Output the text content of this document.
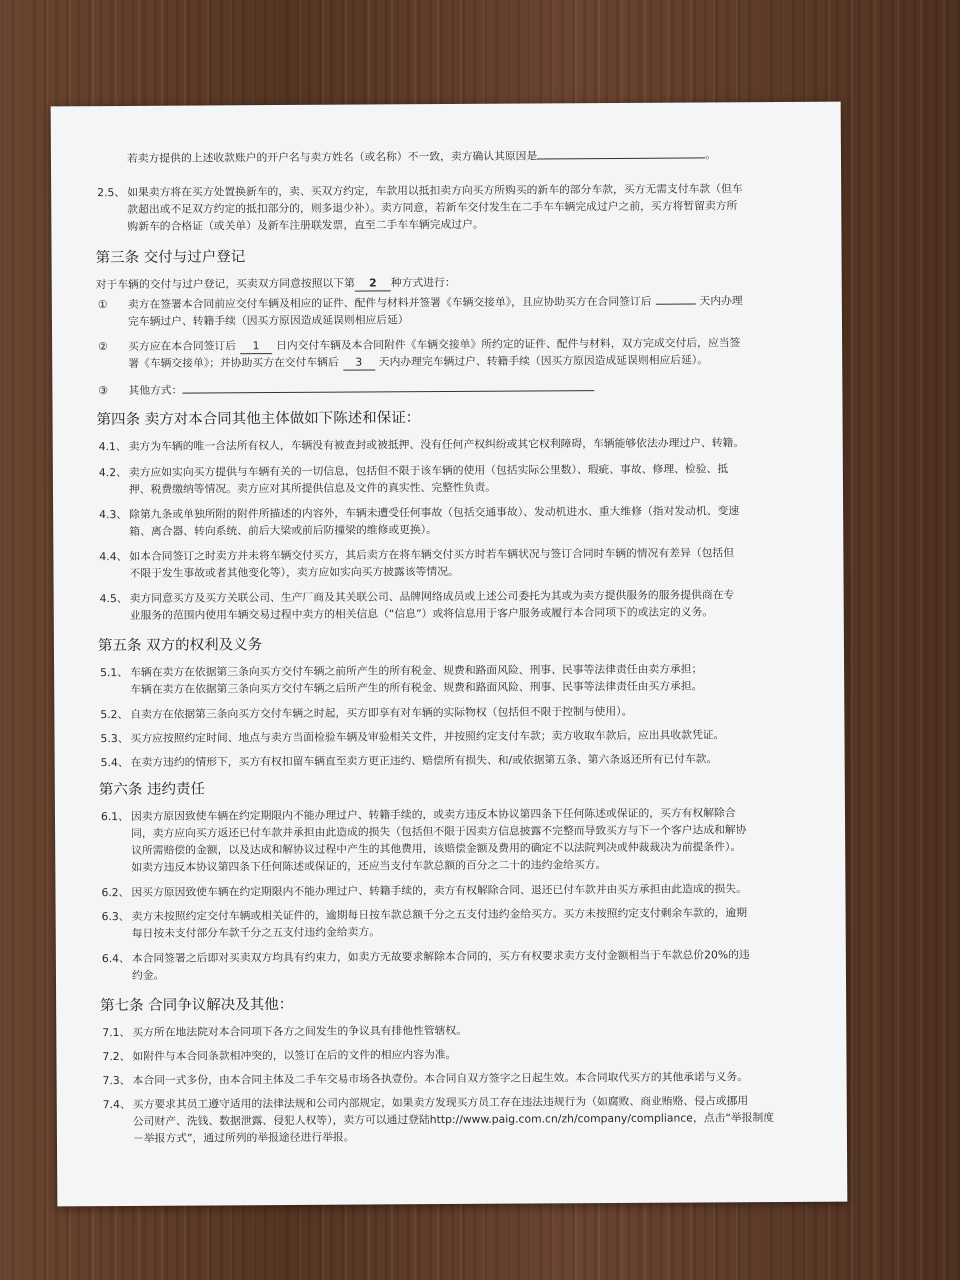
若卖方提供的上述收款账户的开户名与卖方姓名（或名称）不一致，卖方确认其原因是	。
2.5、 如果卖方将在买方处置换新车的，卖、买双方约定，车款用以抵扣卖方向买方所购买的新车的部分车款，买方无需支付车款（但车
款超出或不足双方约定的抵扣部分的，则多退少补）。卖方同意，若新车交付发生在二手车车辆完成过户之前，买方将暂留卖方所
购新车的合格证（或关单）及新车注册联发票，直至二手车车辆完成过户。
第三条 交付与过户登记
对于车辆的交付与过户登记，买卖双方同意按照以下第 2 种方式进行：
① 卖方在签署本合同前应交付车辆及相应的证件、配件与材料并签署《车辆交接单》，且应协助买方在合同签订后	天内办理
完车辆过户、转籍手续（因买方原因造成延误则相应后延）
② 买方应在本合同签订后 1 日内交付车辆及本合同附件《车辆交接单》所约定的证件、配件与材料，双方完成交付后，应当签
署《车辆交接单》；并协助买方在交付车辆后 3 天内办理完车辆过户、转籍手续（因买方原因造成延误则相应后延）。
③ 其他方式：
第四条 卖方对本合同其他主体做如下陈述和保证：
4.1、 卖方为车辆的唯一合法所有权人，车辆没有被查封或被抵押、没有任何产权纠纷或其它权利障碍，车辆能够依法办理过户、转籍。
4.2、 卖方应如实向买方提供与车辆有关的一切信息，包括但不限于该车辆的使用（包括实际公里数）、瑕疵、事故、修理、检验、抵
押、税费缴纳等情况。卖方应对其所提供信息及文件的真实性、完整性负责。
4.3、 除第九条或单独所附的附件所描述的内容外，车辆未遭受任何事故（包括交通事故）、发动机进水、重大维修（指对发动机、变速
箱、离合器、转向系统、前后大梁或前后防撞梁的维修或更换）。
4.4、 如本合同签订之时卖方并未将车辆交付买方，其后卖方在将车辆交付买方时若车辆状况与签订合同时车辆的情况有差异（包括但
不限于发生事故或者其他变化等），卖方应如实向买方披露该等情况。
4.5、 卖方同意买方及买方关联公司、生产厂商及其关联公司、品牌网络成员或上述公司委托为其或为卖方提供服务的服务提供商在专
业服务的范围内使用车辆交易过程中卖方的相关信息（“信息”）或将信息用于客户服务或履行本合同项下的或法定的义务。
第五条 双方的权利及义务
5.1、 车辆在卖方在依据第三条向买方交付车辆之前所产生的所有税金、规费和路面风险、刑事、民事等法律责任由卖方承担；
车辆在卖方在依据第三条向买方交付车辆之后所产生的所有税金、规费和路面风险、刑事、民事等法律责任由买方承担。
5.2、 自卖方在依据第三条向买方交付车辆之时起，买方即享有对车辆的实际物权（包括但不限于控制与使用）。
5.3、 买方应按照约定时间、地点与卖方当面检验车辆及审验相关文件，并按照约定支付车款；卖方收取车款后，应出具收款凭证。
5.4、 在卖方违约的情形下，买方有权扣留车辆直至卖方更正违约、赔偿所有损失、和/或依据第五条、第六条返还所有已付车款。
第六条 违约责任
6.1、 因卖方原因致使车辆在约定期限内不能办理过户、转籍手续的，或卖方违反本协议第四条下任何陈述或保证的，买方有权解除合
同，卖方应向买方返还已付车款并承担由此造成的损失（包括但不限于因卖方信息披露不完整而导致买方与下一个客户达成和解协
议所需赔偿的金额，以及达成和解协议过程中产生的其他费用，该赔偿金额及费用的确定不以法院判决或仲裁裁决为前提条件）。
如卖方违反本协议第四条下任何陈述或保证的，还应当支付车款总额的百分之二十的违约金给买方。
6.2、 因买方原因致使车辆在约定期限内不能办理过户、转籍手续的，卖方有权解除合同、退还已付车款并由买方承担由此造成的损失。
6.3、 卖方未按照约定交付车辆或相关证件的，逾期每日按车款总额千分之五支付违约金给买方。买方未按照约定支付剩余车款的，逾期
每日按未支付部分车款千分之五支付违约金给卖方。
6.4、 本合同签署之后即对买卖双方均具有约束力，如卖方无故要求解除本合同的，买方有权要求卖方支付金额相当于车款总价20%的违
约金。
第七条 合同争议解决及其他：
7.1、 买方所在地法院对本合同项下各方之间发生的争议具有排他性管辖权。
7.2、 如附件与本合同条款相冲突的，以签订在后的文件的相应内容为准。
7.3、 本合同一式多份，由本合同主体及二手车交易市场各执壹份。本合同自双方签字之日起生效。本合同取代买方的其他承诺与义务。
7.4、 买方要求其员工遵守适用的法律法规和公司内部规定，如果卖方发现买方员工存在违法违规行为（如腐败、商业贿赂、侵占或挪用
公司财产、洗钱、数据泄露、侵犯人权等），卖方可以通过登陆http://www.paig.com.cn/zh/company/compliance，点击“举报制度
－举报方式”，通过所列的举报途径进行举报。
